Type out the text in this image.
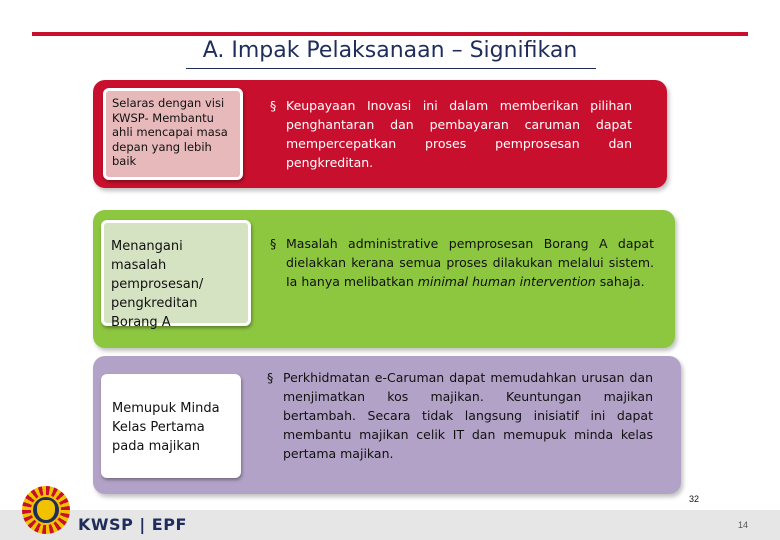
A. Impak Pelaksanaan – Signifikan
Selaras dengan visi KWSP- Membantu ahli mencapai masa depan yang lebih baik

§ Keupayaan Inovasi ini dalam memberikan pilihan penghantaran dan pembayaran caruman dapat mempercepatkan proses pemprosesan dan pengkreditan.

Menangani masalah pemprosesan/ pengkreditan Borang A

§ Masalah administrative pemprosesan Borang A dapat dielakkan kerana semua proses dilakukan melalui sistem. Ia hanya melibatkan minimal human intervention sahaja.

Memupuk Minda Kelas Pertama pada majikan

§ Perkhidmatan e-Caruman dapat memudahkan urusan dan menjimatkan kos majikan. Keuntungan majikan bertambah. Secara tidak langsung inisiatif ini dapat membantu majikan celik IT dan memupuk minda kelas pertama majikan.

32
KWSP | EPF	14
